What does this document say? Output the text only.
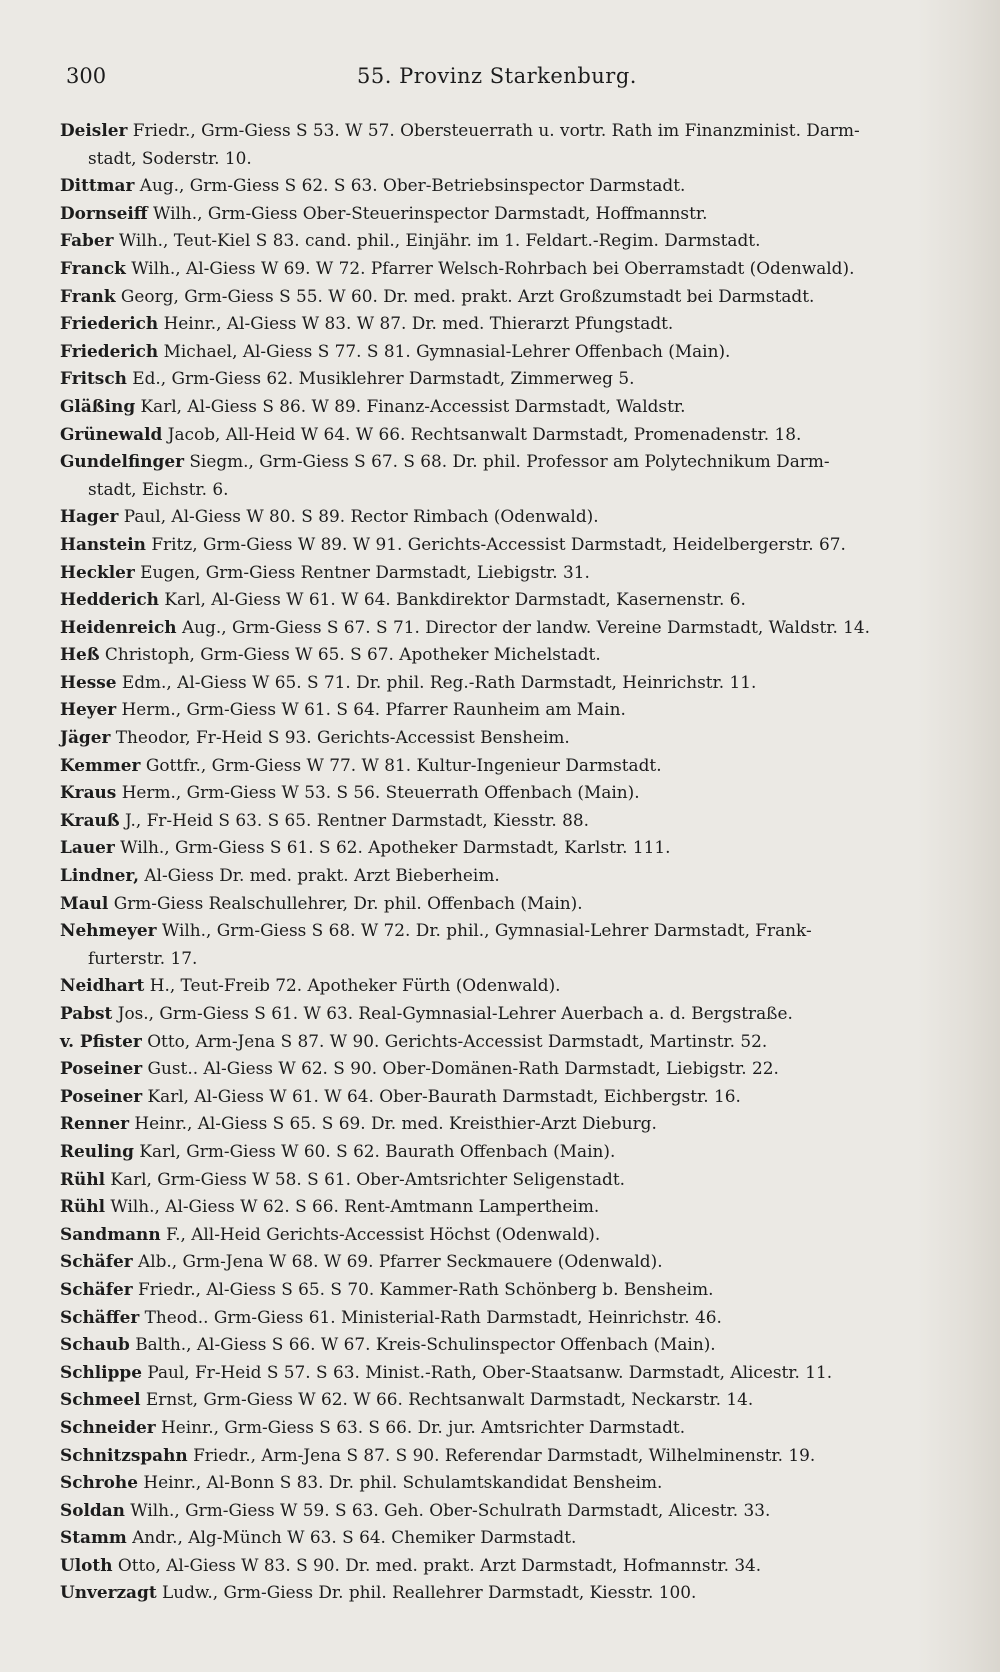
300	55. Provinz Starkenburg.
Deisler Friedr., Grm-Giess S 53. W 57. Obersteuerrath u. vortr. Rath im Finanzminist. Darm-
stadt, Soderstr. 10.
Dittmar Aug., Grm-Giess S 62. S 63. Ober-Betriebsinspector Darmstadt.
Dornseiff Wilh., Grm-Giess Ober-Steuerinspector Darmstadt, Hoffmannstr.
Faber Wilh., Teut-Kiel S 83. cand. phil., Einjähr. im 1. Feldart.-Regim. Darmstadt.
Franck Wilh., Al-Giess W 69. W 72. Pfarrer Welsch-Rohrbach bei Oberramstadt (Odenwald).
Frank Georg, Grm-Giess S 55. W 60. Dr. med. prakt. Arzt Großzumstadt bei Darmstadt.
Friederich Heinr., Al-Giess W 83. W 87. Dr. med. Thierarzt Pfungstadt.
Friederich Michael, Al-Giess S 77. S 81. Gymnasial-Lehrer Offenbach (Main).
Fritsch Ed., Grm-Giess 62. Musiklehrer Darmstadt, Zimmerweg 5.
Gläßing Karl, Al-Giess S 86. W 89. Finanz-Accessist Darmstadt, Waldstr.
Grünewald Jacob, All-Heid W 64. W 66. Rechtsanwalt Darmstadt, Promenadenstr. 18.
Gundelfinger Siegm., Grm-Giess S 67. S 68. Dr. phil. Professor am Polytechnikum Darm-
stadt, Eichstr. 6.
Hager Paul, Al-Giess W 80. S 89. Rector Rimbach (Odenwald).
Hanstein Fritz, Grm-Giess W 89. W 91. Gerichts-Accessist Darmstadt, Heidelbergerstr. 67.
Heckler Eugen, Grm-Giess Rentner Darmstadt, Liebigstr. 31.
Hedderich Karl, Al-Giess W 61. W 64. Bankdirektor Darmstadt, Kasernenstr. 6.
Heidenreich Aug., Grm-Giess S 67. S 71. Director der landw. Vereine Darmstadt, Waldstr. 14.
Heß Christoph, Grm-Giess W 65. S 67. Apotheker Michelstadt.
Hesse Edm., Al-Giess W 65. S 71. Dr. phil. Reg.-Rath Darmstadt, Heinrichstr. 11.
Heyer Herm., Grm-Giess W 61. S 64. Pfarrer Raunheim am Main.
Jäger Theodor, Fr-Heid S 93. Gerichts-Accessist Bensheim.
Kemmer Gottfr., Grm-Giess W 77. W 81. Kultur-Ingenieur Darmstadt.
Kraus Herm., Grm-Giess W 53. S 56. Steuerrath Offenbach (Main).
Krauß J., Fr-Heid S 63. S 65. Rentner Darmstadt, Kiesstr. 88.
Lauer Wilh., Grm-Giess S 61. S 62. Apotheker Darmstadt, Karlstr. 111.
Lindner, Al-Giess Dr. med. prakt. Arzt Bieberheim.
Maul Grm-Giess Realschullehrer, Dr. phil. Offenbach (Main).
Nehmeyer Wilh., Grm-Giess S 68. W 72. Dr. phil., Gymnasial-Lehrer Darmstadt, Frank-
furterstr. 17.
Neidhart H., Teut-Freib 72. Apotheker Fürth (Odenwald).
Pabst Jos., Grm-Giess S 61. W 63. Real-Gymnasial-Lehrer Auerbach a. d. Bergstraße.
v. Pfister Otto, Arm-Jena S 87. W 90. Gerichts-Accessist Darmstadt, Martinstr. 52.
Poseiner Gust.. Al-Giess W 62. S 90. Ober-Domänen-Rath Darmstadt, Liebigstr. 22.
Poseiner Karl, Al-Giess W 61. W 64. Ober-Baurath Darmstadt, Eichbergstr. 16.
Renner Heinr., Al-Giess S 65. S 69. Dr. med. Kreisthier-Arzt Dieburg.
Reuling Karl, Grm-Giess W 60. S 62. Baurath Offenbach (Main).
Rühl Karl, Grm-Giess W 58. S 61. Ober-Amtsrichter Seligenstadt.
Rühl Wilh., Al-Giess W 62. S 66. Rent-Amtmann Lampertheim.
Sandmann F., All-Heid Gerichts-Accessist Höchst (Odenwald).
Schäfer Alb., Grm-Jena W 68. W 69. Pfarrer Seckmauere (Odenwald).
Schäfer Friedr., Al-Giess S 65. S 70. Kammer-Rath Schönberg b. Bensheim.
Schäffer Theod.. Grm-Giess 61. Ministerial-Rath Darmstadt, Heinrichstr. 46.
Schaub Balth., Al-Giess S 66. W 67. Kreis-Schulinspector Offenbach (Main).
Schlippe Paul, Fr-Heid S 57. S 63. Minist.-Rath, Ober-Staatsanw. Darmstadt, Alicestr. 11.
Schmeel Ernst, Grm-Giess W 62. W 66. Rechtsanwalt Darmstadt, Neckarstr. 14.
Schneider Heinr., Grm-Giess S 63. S 66. Dr. jur. Amtsrichter Darmstadt.
Schnitzspahn Friedr., Arm-Jena S 87. S 90. Referendar Darmstadt, Wilhelminenstr. 19.
Schrohe Heinr., Al-Bonn S 83. Dr. phil. Schulamtskandidat Bensheim.
Soldan Wilh., Grm-Giess W 59. S 63. Geh. Ober-Schulrath Darmstadt, Alicestr. 33.
Stamm Andr., Alg-Münch W 63. S 64. Chemiker Darmstadt.
Uloth Otto, Al-Giess W 83. S 90. Dr. med. prakt. Arzt Darmstadt, Hofmannstr. 34.
Unverzagt Ludw., Grm-Giess Dr. phil. Reallehrer Darmstadt, Kiesstr. 100.
